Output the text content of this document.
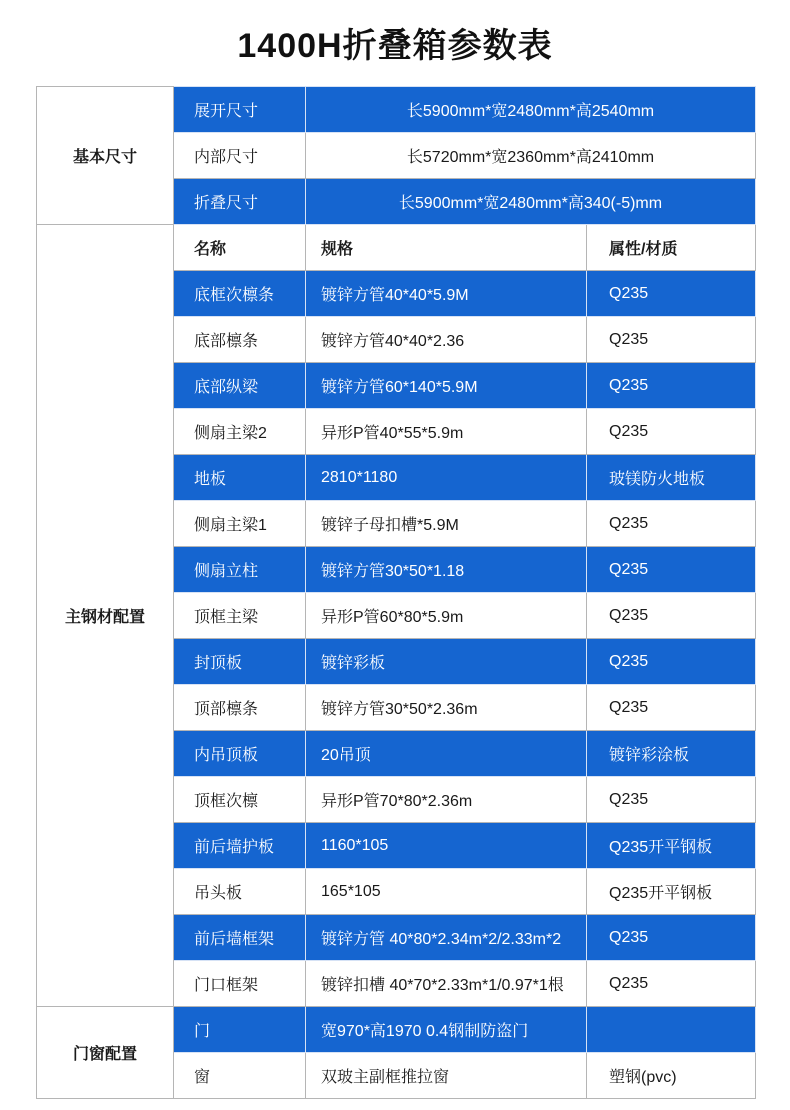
1400H折叠箱参数表
基本尺寸	展开尺寸	长5900mm*宽2480mm*高2540mm	
	内部尺寸	长5720mm*宽2360mm*高2410mm	
	折叠尺寸	长5900mm*宽2480mm*高340(-5)mm	
主钢材配置	名称	规格	属性/材质
	底框次檩条	镀锌方管40*40*5.9M	Q235
	底部檩条	镀锌方管40*40*2.36	Q235
	底部纵梁	镀锌方管60*140*5.9M	Q235
	侧扇主梁2	异形P管40*55*5.9m	Q235
	地板	2810*1180	玻镁防火地板
	侧扇主梁1	镀锌子母扣槽*5.9M	Q235
	侧扇立柱	镀锌方管30*50*1.18	Q235
	顶框主梁	异形P管60*80*5.9m	Q235
	封顶板	镀锌彩板	Q235
	顶部檩条	镀锌方管30*50*2.36m	Q235
	内吊顶板	20吊顶	镀锌彩涂板
	顶框次檩	异形P管70*80*2.36m	Q235
	前后墙护板	1160*105	Q235开平钢板
	吊头板	165*105	Q235开平钢板
	前后墙框架	镀锌方管 40*80*2.34m*2/2.33m*2	Q235
	门口框架	镀锌扣槽 40*70*2.33m*1/0.97*1根	Q235
门窗配置	门	宽970*高1970 0.4钢制防盗门	
	窗	双玻主副框推拉窗	塑钢(pvc)
